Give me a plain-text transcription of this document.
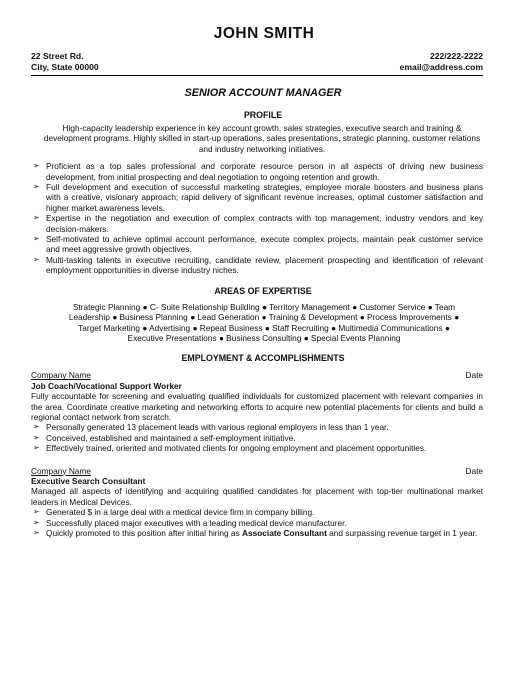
JOHN SMITH
22 Street Rd.	222/222-2222
City, State 00000	email@address.com
SENIOR ACCOUNT MANAGER
PROFILE
High-capacity leadership experience in key account growth, sales strategies, executive search and training & development programs. Highly skilled in start-up operations, sales presentations, strategic planning, customer relations and industry networking initiatives.
➢ Proficient as a top sales professional and corporate resource person in all aspects of driving new business development, from initial prospecting and deal negotiation to ongoing retention and growth.
➢ Full development and execution of successful marketing strategies, employee morale boosters and business plans with a creative, visionary approach; rapid delivery of significant revenue increases, optimal customer satisfaction and higher market awareness levels.
➢ Expertise in the negotiation and execution of complex contracts with top management, industry vendors and key decision-makers.
➢ Self-motivated to achieve optimal account performance, execute complex projects, maintain peak customer service and meet aggressive growth objectives.
➢ Multi-tasking talents in executive recruiting, candidate review, placement prospecting and identification of relevant employment opportunities in diverse industry niches.
AREAS OF EXPERTISE
Strategic Planning ● C- Suite Relationship Building ● Territory Management ● Customer Service ● Team
Leadership ● Business Planning ● Lead Generation ● Training & Development ● Process Improvements ●
Target Marketing ● Advertising ● Repeat Business ● Staff Recruiting ● Multimedia Communications ●
Executive Presentations ● Business Consulting ● Special Events Planning
EMPLOYMENT & ACCOMPLISHMENTS
Company Name	Date
Job Coach/Vocational Support Worker
Fully accountable for screening and evaluating qualified individuals for customized placement with relevant companies in the area. Coordinate creative marketing and networking efforts to acquire new potential placements for clients and build a regional contact network from scratch.
➢ Personally generated 13 placement leads with various regional employers in less than 1 year.
➢ Conceived, established and maintained a self-employment initiative.
➢ Effectively trained, oriented and motivated clients for ongoing employment and placement opportunities.
Company Name	Date
Executive Search Consultant
Managed all aspects of identifying and acquiring qualified candidates for placement with top-tier multinational market leaders in Medical Devices.
➢ Generated $ in a large deal with a medical device firm in company billing.
➢ Successfully placed major executives with a leading medical device manufacturer.
➢ Quickly promoted to this position after initial hiring as Associate Consultant and surpassing revenue target in 1 year.
